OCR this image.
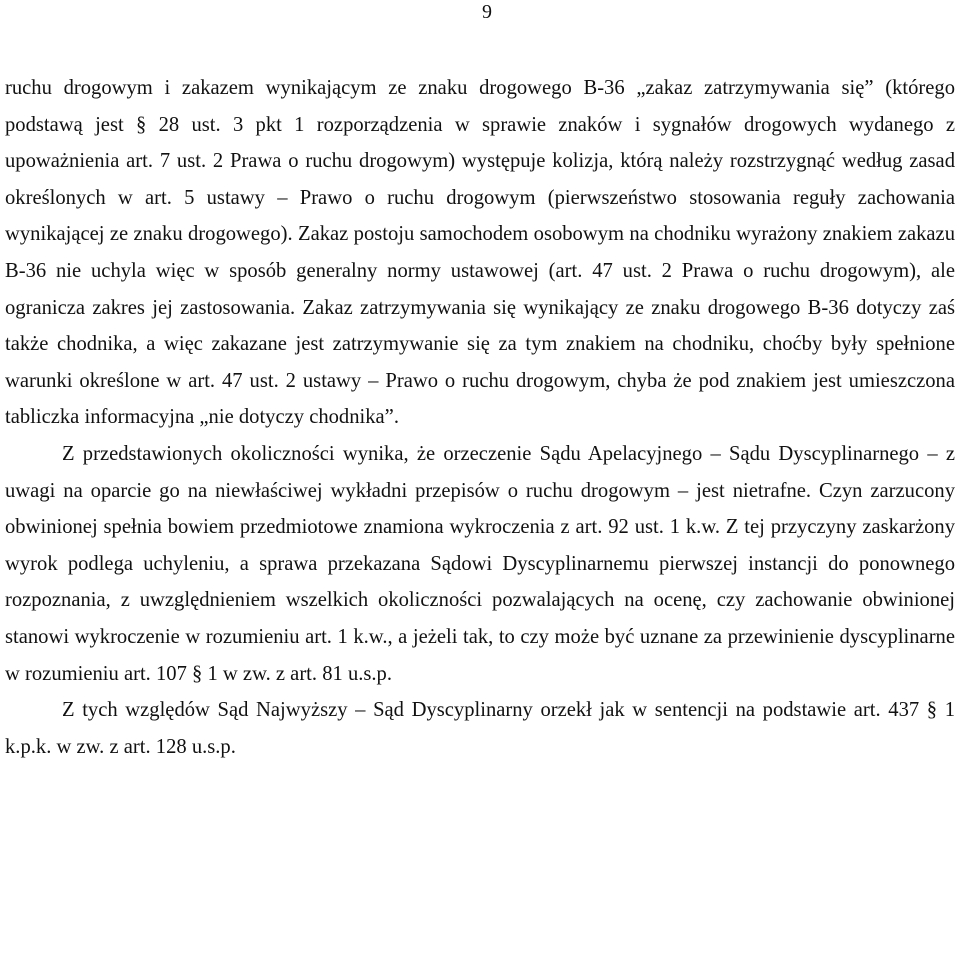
9

ruchu drogowym i zakazem wynikającym ze znaku drogowego B-36 „zakaz zatrzymywania się” (którego podstawą jest § 28 ust. 3 pkt 1 rozporządzenia w sprawie znaków i sygnałów drogowych wydanego z upoważnienia art. 7 ust. 2 Prawa o ruchu drogowym) występuje kolizja, którą należy rozstrzygnąć według zasad określonych w art. 5 ustawy – Prawo o ruchu drogowym (pierwszeństwo stosowania reguły zachowania wynikającej ze znaku drogowego). Zakaz postoju samochodem osobowym na chodniku wyrażony znakiem zakazu B-36 nie uchyla więc w sposób generalny normy ustawowej (art. 47 ust. 2 Prawa o ruchu drogowym), ale ogranicza zakres jej zastosowania. Zakaz zatrzymywania się wynikający ze znaku drogowego B-36 dotyczy zaś także chodnika, a więc zakazane jest zatrzymywanie się za tym znakiem na chodniku, choćby były spełnione warunki określone w art. 47 ust. 2 ustawy – Prawo o ruchu drogowym, chyba że pod znakiem jest umieszczona tabliczka informacyjna „nie dotyczy chodnika”.

Z przedstawionych okoliczności wynika, że orzeczenie Sądu Apelacyjnego – Sądu Dyscyplinarnego – z uwagi na oparcie go na niewłaściwej wykładni przepisów o ruchu drogowym – jest nietrafne. Czyn zarzucony obwinionej spełnia bowiem przedmiotowe znamiona wykroczenia z art. 92 ust. 1 k.w. Z tej przyczyny zaskarżony wyrok podlega uchyleniu, a sprawa przekazana Sądowi Dyscyplinarnemu pierwszej instancji do ponownego rozpoznania, z uwzględnieniem wszelkich okoliczności pozwalających na ocenę, czy zachowanie obwinionej stanowi wykroczenie w rozumieniu art. 1 k.w., a jeżeli tak, to czy może być uznane za przewinienie dyscyplinarne w rozumieniu art. 107 § 1 w zw. z art. 81 u.s.p.

Z tych względów Sąd Najwyższy – Sąd Dyscyplinarny orzekł jak w sentencji na podstawie art. 437 § 1 k.p.k. w zw. z art. 128 u.s.p.
